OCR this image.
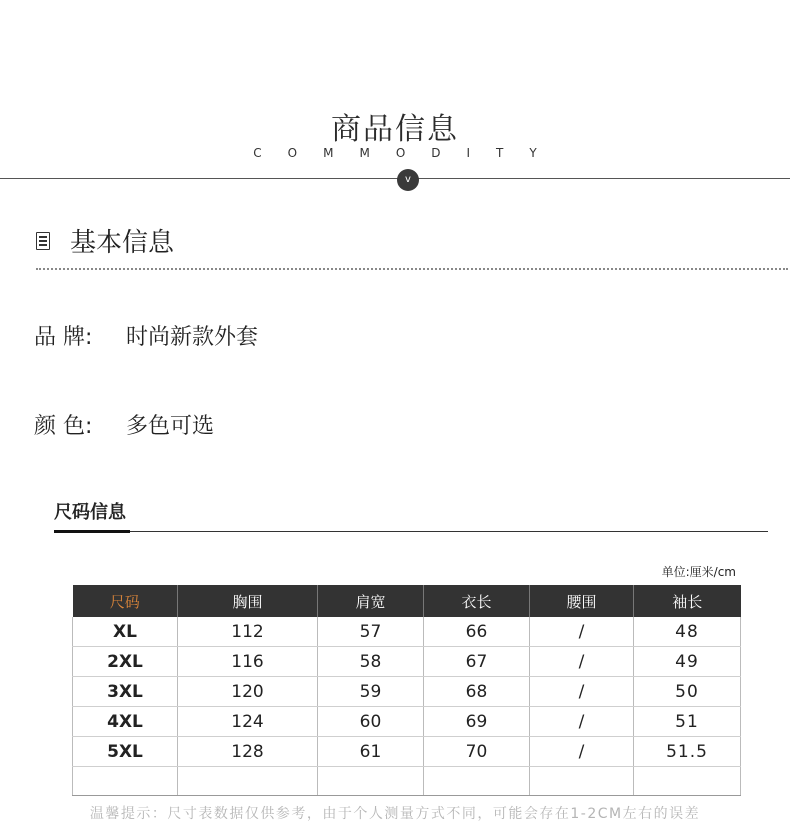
商品信息
COMMODITY
v
基本信息
品 牌:	时尚新款外套
颜 色:	多色可选
尺码信息
单位:厘米/cm
尺码	胸围	肩宽	衣长	腰围	袖长
XL	112	57	66	/	48
2XL	116	58	67	/	49
3XL	120	59	68	/	50
4XL	124	60	69	/	51
5XL	128	61	70	/	51.5

温馨提示：尺寸表数据仅供参考，由于个人测量方式不同，可能会存在1-2CM左右的误差
